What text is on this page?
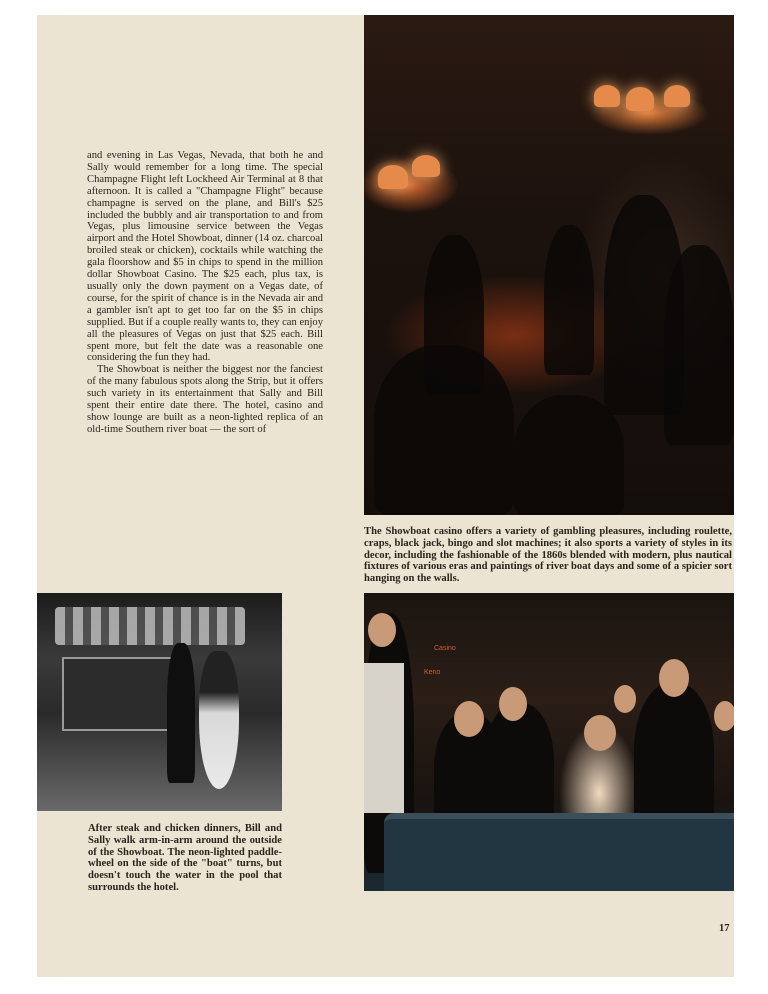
and evening in Las Vegas, Nevada, that both he and Sally would remember for a long time. The special Champagne Flight left Lockheed Air Terminal at 8 that afternoon. It is called a "Champagne Flight" because champagne is served on the plane, and Bill's $25 included the bubbly and air transportation to and from Vegas, plus limousine service between the Vegas airport and the Hotel Showboat, dinner (14 oz. charcoal broiled steak or chicken), cocktails while watching the gala floorshow and $5 in chips to spend in the million dollar Showboat Casino. The $25 each, plus tax, is usually only the down payment on a Vegas date, of course, for the spirit of chance is in the Nevada air and a gambler isn't apt to get too far on the $5 in chips supplied. But if a couple really wants to, they can enjoy all the pleasures of Vegas on just that $25 each. Bill spent more, but felt the date was a reasonable one considering the fun they had.

The Showboat is neither the biggest nor the fanciest of the many fabulous spots along the Strip, but it offers such variety in its entertainment that Sally and Bill spent their entire date there. The hotel, casino and show lounge are built as a neon-lighted replica of an old-time Southern river boat — the sort of

The Showboat casino offers a variety of gambling pleasures, including roulette, craps, black jack, bingo and slot machines; it also sports a variety of styles in its decor, including the fashionable of the 1860s blended with modern, plus nautical fixtures of various eras and paintings of river boat days and some of a spicier sort hanging on the walls.
After steak and chicken dinners, Bill and Sally walk arm-in-arm around the outside of the Showboat. The neon-lighted paddle-wheel on the side of the "boat" turns, but doesn't touch the water in the pool that surrounds the hotel.
Casino
Keno
17
